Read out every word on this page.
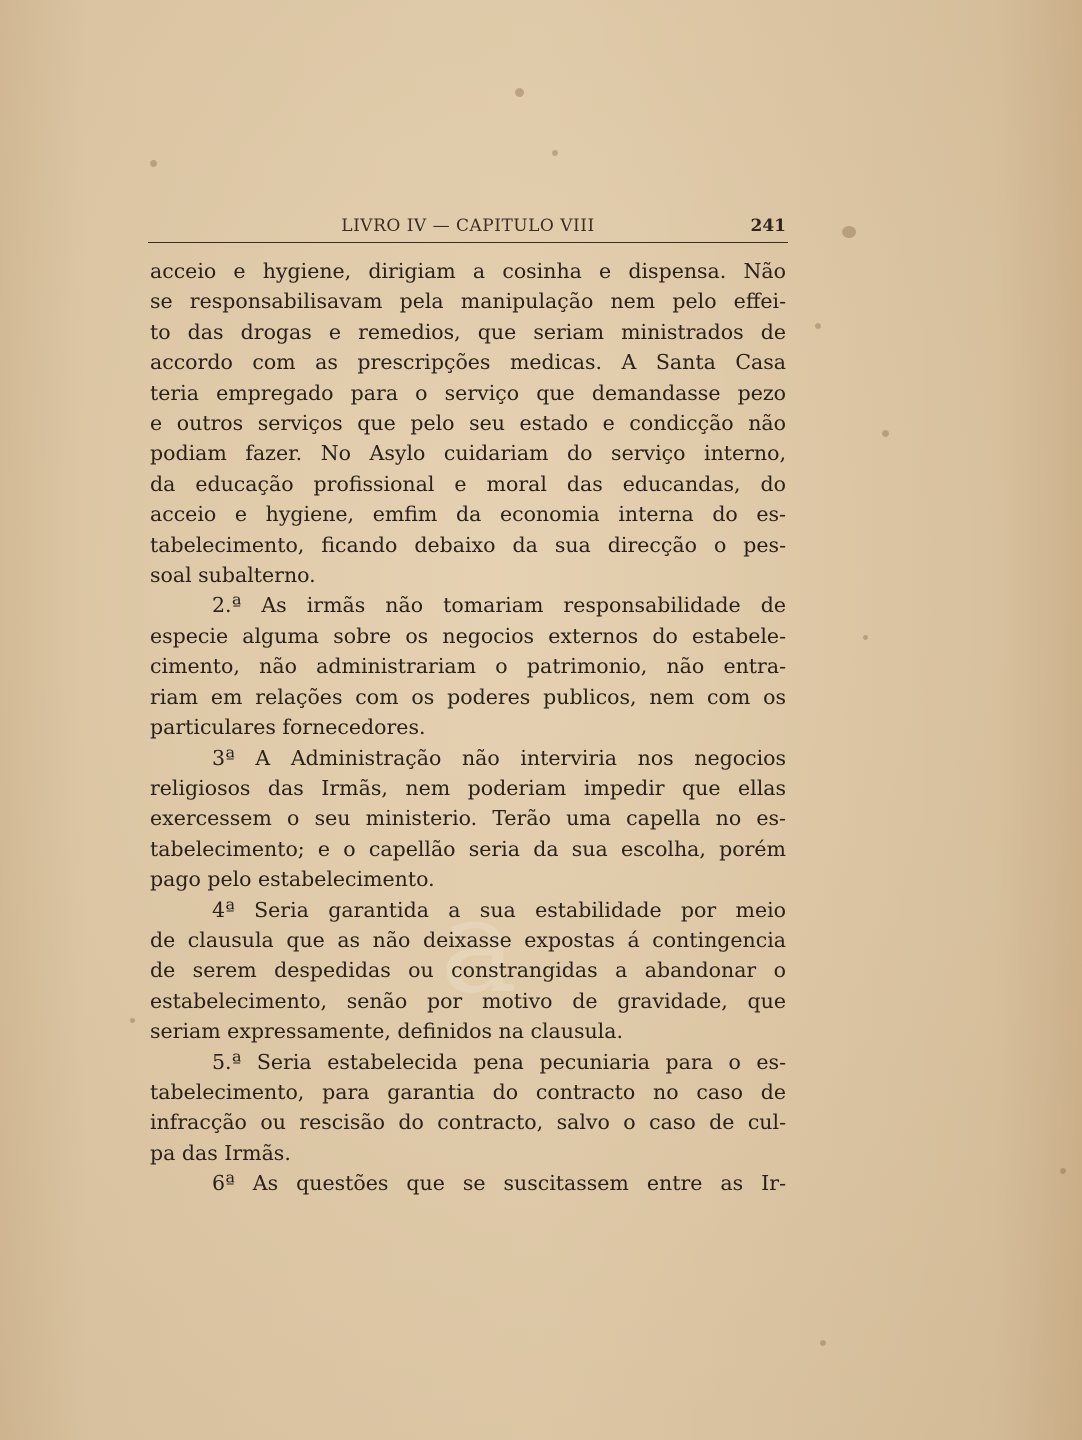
a
LIVRO IV — CAPITULO VIII	241
acceio e hygiene, dirigiam a cosinha e dispensa. Não
se responsabilisavam pela manipulação nem pelo effei-
to das drogas e remedios, que seriam ministrados de
accordo com as prescripções medicas. A Santa Casa
teria empregado para o serviço que demandasse pezo
e outros serviços que pelo seu estado e condicção não
podiam fazer. No Asylo cuidariam do serviço interno,
da educação profissional e moral das educandas, do
acceio e hygiene, emfim da economia interna do es-
tabelecimento, ficando debaixo da sua direcção o pes-
soal subalterno.
2.ª As irmãs não tomariam responsabilidade de
especie alguma sobre os negocios externos do estabele-
cimento, não administrariam o patrimonio, não entra-
riam em relações com os poderes publicos, nem com os
particulares fornecedores.
3ª A Administração não interviria nos negocios
religiosos das Irmãs, nem poderiam impedir que ellas
exercessem o seu ministerio. Terão uma capella no es-
tabelecimento; e o capellão seria da sua escolha, porém
pago pelo estabelecimento.
4ª Seria garantida a sua estabilidade por meio
de clausula que as não deixasse expostas á contingencia
de serem despedidas ou constrangidas a abandonar o
estabelecimento, senão por motivo de gravidade, que
seriam expressamente, definidos na clausula.
5.ª Seria estabelecida pena pecuniaria para o es-
tabelecimento, para garantia do contracto no caso de
infracção ou rescisão do contracto, salvo o caso de cul-
pa das Irmãs.
6ª As questões que se suscitassem entre as Ir-
